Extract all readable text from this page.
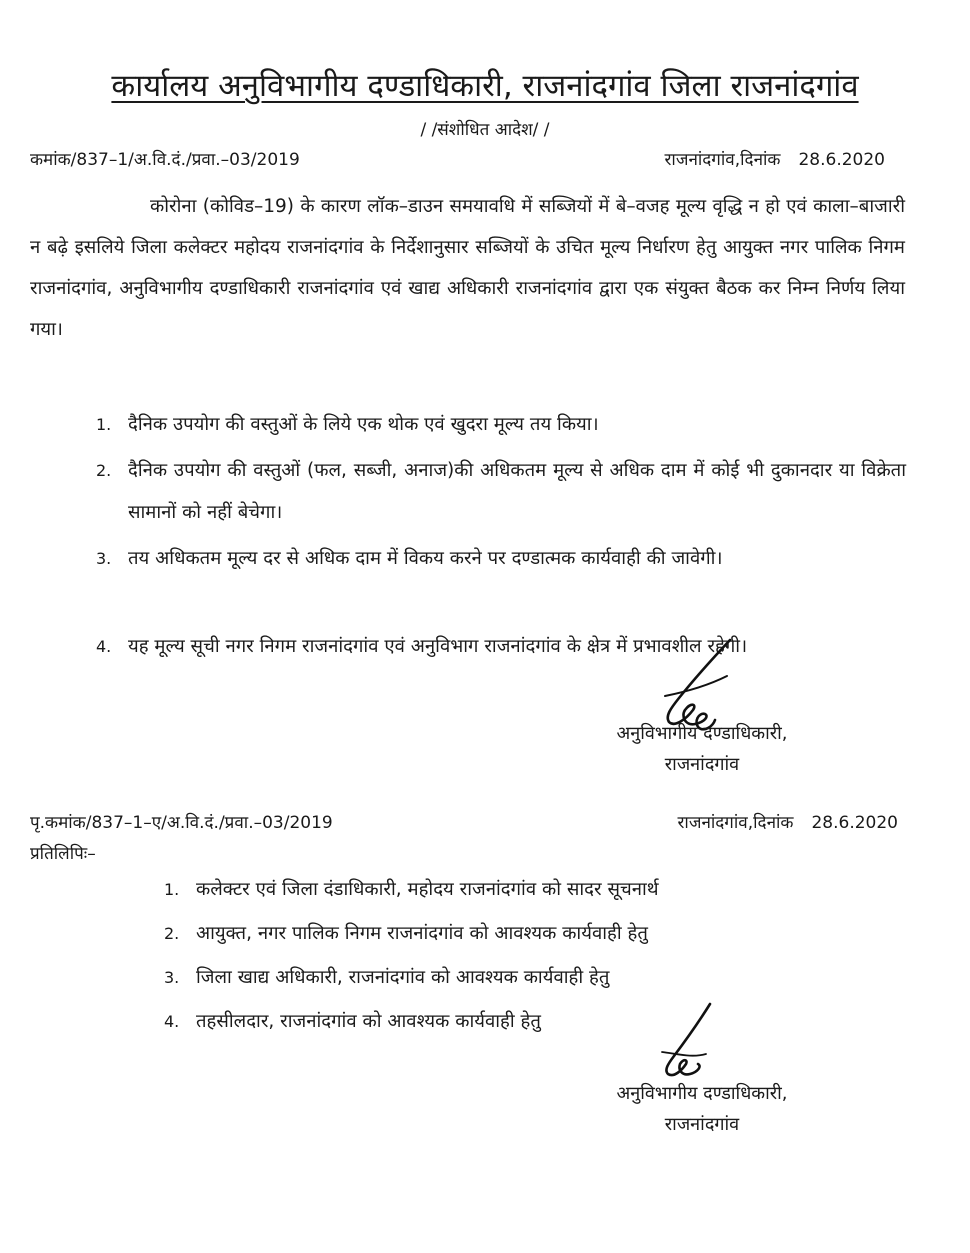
कार्यालय अनुविभागीय दण्डाधिकारी, राजनांदगांव जिला राजनांदगांव
/ /संशोधित आदेश/ /
कमांक/837–1/अ.वि.दं./प्रवा.–03/2019	राजनांदगांव,दिनांक 28.6.2020
कोरोना (कोविड–19) के कारण लॉक–डाउन समयावधि में सब्जियों में बे–वजह मूल्य वृद्धि न हो एवं काला–बाजारी न बढ़े इसलिये जिला कलेक्टर महोदय राजनांदगांव के निर्देशानुसार सब्जियों के उचित मूल्य निर्धारण हेतु आयुक्त नगर पालिक निगम राजनांदगांव, अनुविभागीय दण्डाधिकारी राजनांदगांव एवं खाद्य अधिकारी राजनांदगांव द्वारा एक संयुक्त बैठक कर निम्न निर्णय लिया गया।
1. दैनिक उपयोग की वस्तुओं के लिये एक थोक एवं खुदरा मूल्य तय किया।
2. दैनिक उपयोग की वस्तुओं (फल, सब्जी, अनाज)की अधिकतम मूल्य से अधिक दाम में कोई भी दुकानदार या विक्रेता सामानों को नहीं बेचेगा।
3. तय अधिकतम मूल्य दर से अधिक दाम में विकय करने पर दण्डात्मक कार्यवाही की जावेगी।
4. यह मूल्य सूची नगर निगम राजनांदगांव एवं अनुविभाग राजनांदगांव के क्षेत्र में प्रभावशील रहेगी।
अनुविभागीय दण्डाधिकारी,
राजनांदगांव
पृ.कमांक/837–1–ए/अ.वि.दं./प्रवा.–03/2019	राजनांदगांव,दिनांक 28.6.2020
प्रतिलिपिः–
1. कलेक्टर एवं जिला दंडाधिकारी, महोदय राजनांदगांव को सादर सूचनार्थ
2. आयुक्त, नगर पालिक निगम राजनांदगांव को आवश्यक कार्यवाही हेतु
3. जिला खाद्य अधिकारी, राजनांदगांव को आवश्यक कार्यवाही हेतु
4. तहसीलदार, राजनांदगांव को आवश्यक कार्यवाही हेतु
अनुविभागीय दण्डाधिकारी,
राजनांदगांव
